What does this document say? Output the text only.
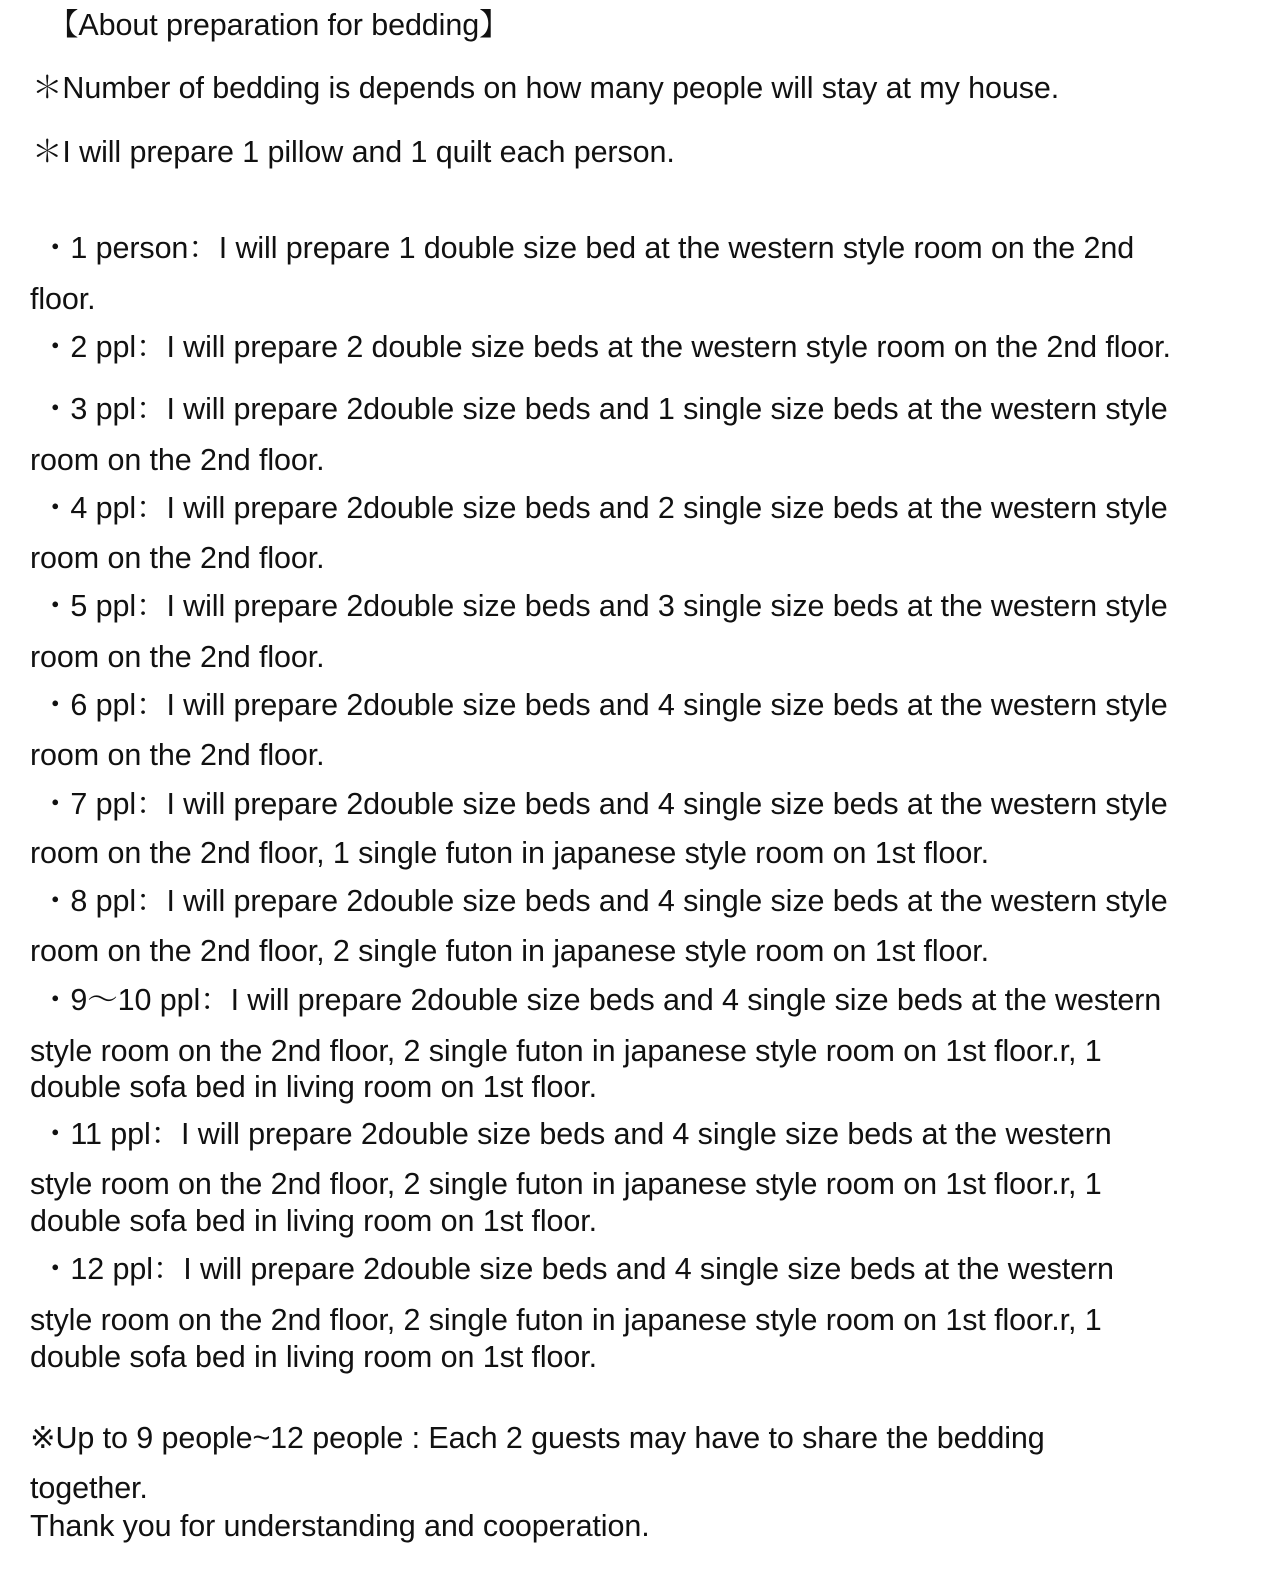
【About preparation for bedding】
＊Number of bedding is depends on how many people will stay at my house.
＊I will prepare 1 pillow and 1 quilt each person.
・1 person：I will prepare 1 double size bed at the western style room on the 2nd
floor.
・2 ppl：I will prepare 2 double size beds at the western style room on the 2nd floor.
・3 ppl：I will prepare 2double size beds and 1 single size beds at the western style
room on the 2nd floor.
・4 ppl：I will prepare 2double size beds and 2 single size beds at the western style
room on the 2nd floor.
・5 ppl：I will prepare 2double size beds and 3 single size beds at the western style
room on the 2nd floor.
・6 ppl：I will prepare 2double size beds and 4 single size beds at the western style
room on the 2nd floor.
・7 ppl：I will prepare 2double size beds and 4 single size beds at the western style
room on the 2nd floor, 1 single futon in japanese style room on 1st floor.
・8 ppl：I will prepare 2double size beds and 4 single size beds at the western style
room on the 2nd floor, 2 single futon in japanese style room on 1st floor.
・9～10 ppl：I will prepare 2double size beds and 4 single size beds at the western
style room on the 2nd floor, 2 single futon in japanese style room on 1st floor.r, 1
double sofa bed in living room on 1st floor.
・11 ppl：I will prepare 2double size beds and 4 single size beds at the western
style room on the 2nd floor, 2 single futon in japanese style room on 1st floor.r, 1
double sofa bed in living room on 1st floor.
・12 ppl：I will prepare 2double size beds and 4 single size beds at the western
style room on the 2nd floor, 2 single futon in japanese style room on 1st floor.r, 1
double sofa bed in living room on 1st floor.
※Up to 9 people~12 people : Each 2 guests may have to share the bedding
together.
Thank you for understanding and cooperation.
